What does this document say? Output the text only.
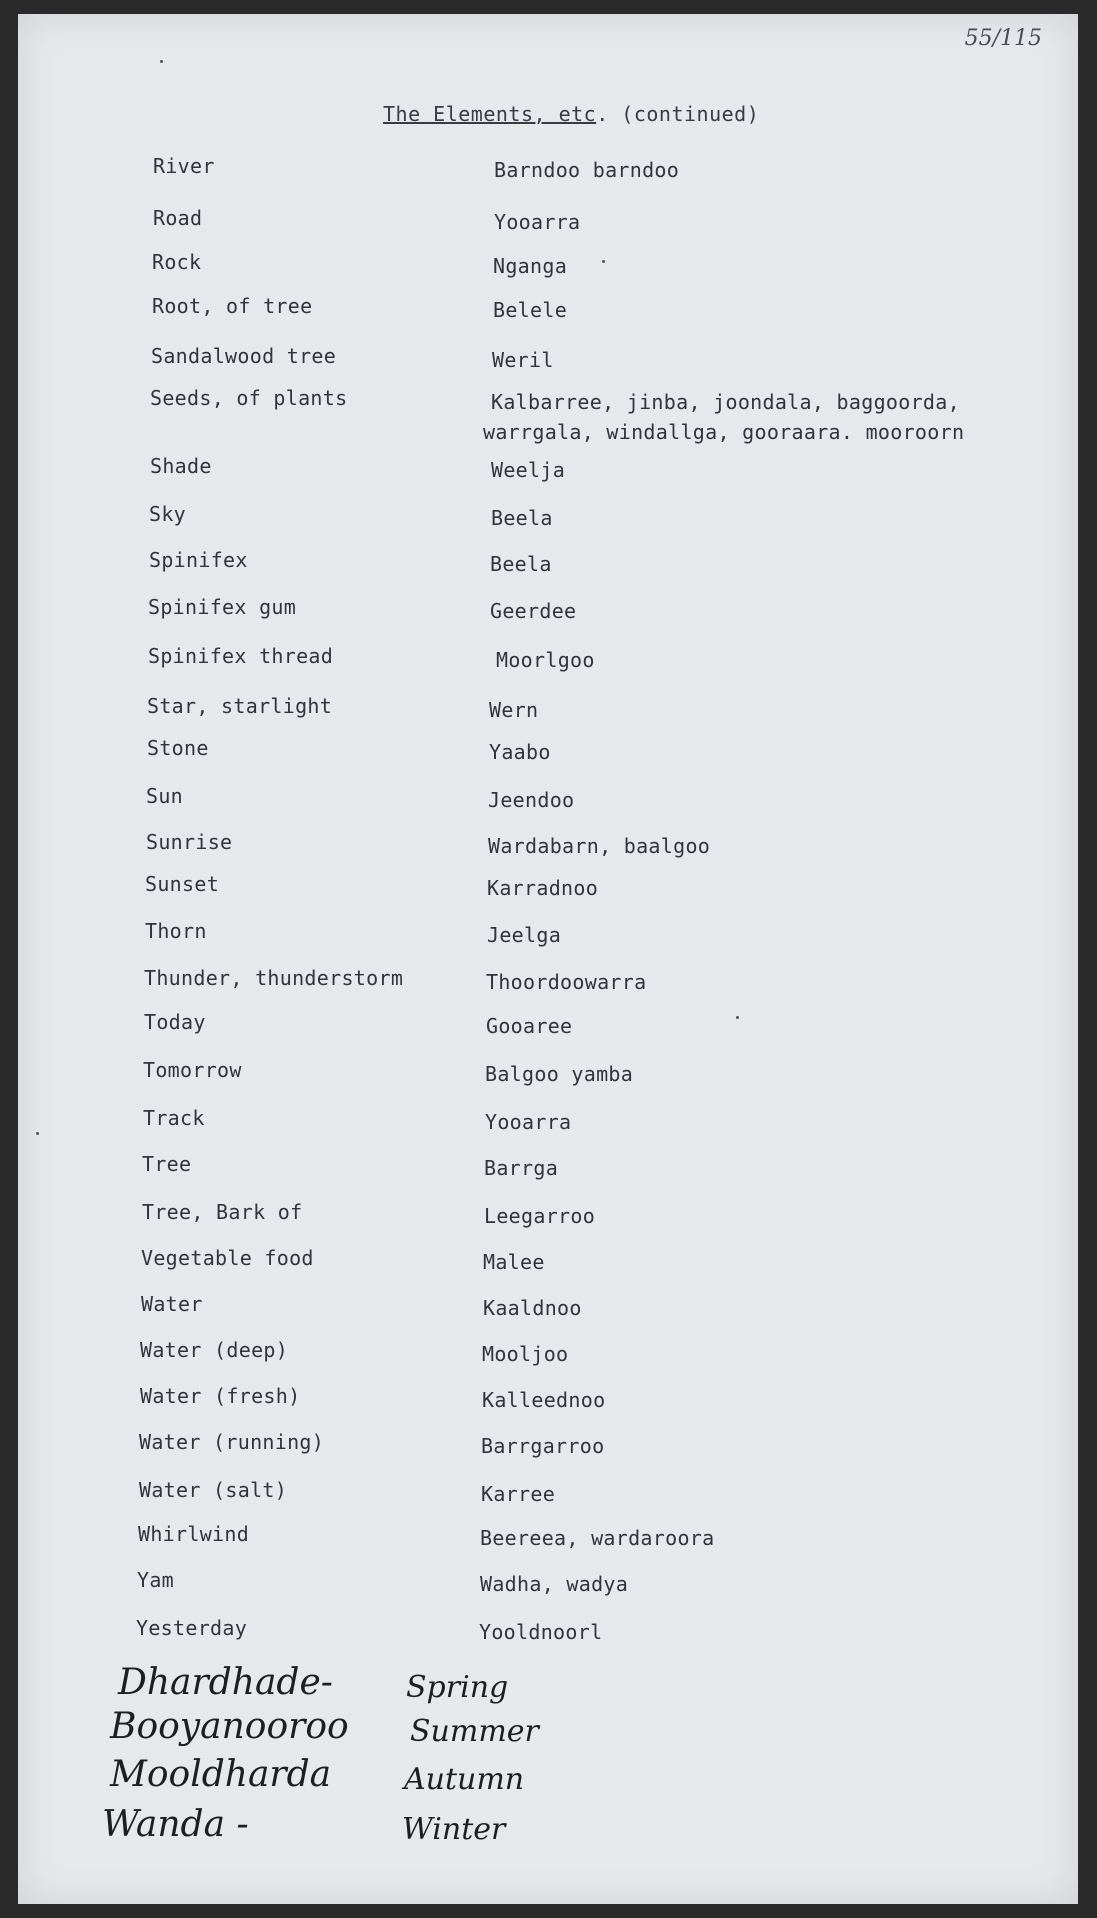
55/115
The Elements, etc. (continued)
River	Barndoo barndoo
Road	Yooarra
Rock	Nganga
Root, of tree	Belele
Sandalwood tree	Weril
Seeds, of plants	Kalbarree, jinba, joondala, baggoorda,
warrgala, windallga, gooraara. mooroorn
Shade	Weelja
Sky	Beela
Spinifex	Beela
Spinifex gum	Geerdee
Spinifex thread	Moorlgoo
Star, starlight	Wern
Stone	Yaabo
Sun	Jeendoo
Sunrise	Wardabarn, baalgoo
Sunset	Karradnoo
Thorn	Jeelga
Thunder, thunderstorm	Thoordoowarra
Today	Gooaree
Tomorrow	Balgoo yamba
Track	Yooarra
Tree	Barrga
Tree, Bark of	Leegarroo
Vegetable food	Malee
Water	Kaaldnoo
Water (deep)	Mooljoo
Water (fresh)	Kalleednoo
Water (running)	Barrgarroo
Water (salt)	Karree
Whirlwind	Beereea, wardaroora
Yam	Wadha, wadya
Yesterday	Yooldnoorl
Dhardhade- Spring
Booyanooroo Summer
Mooldharda Autumn
Wanda -	Winter
